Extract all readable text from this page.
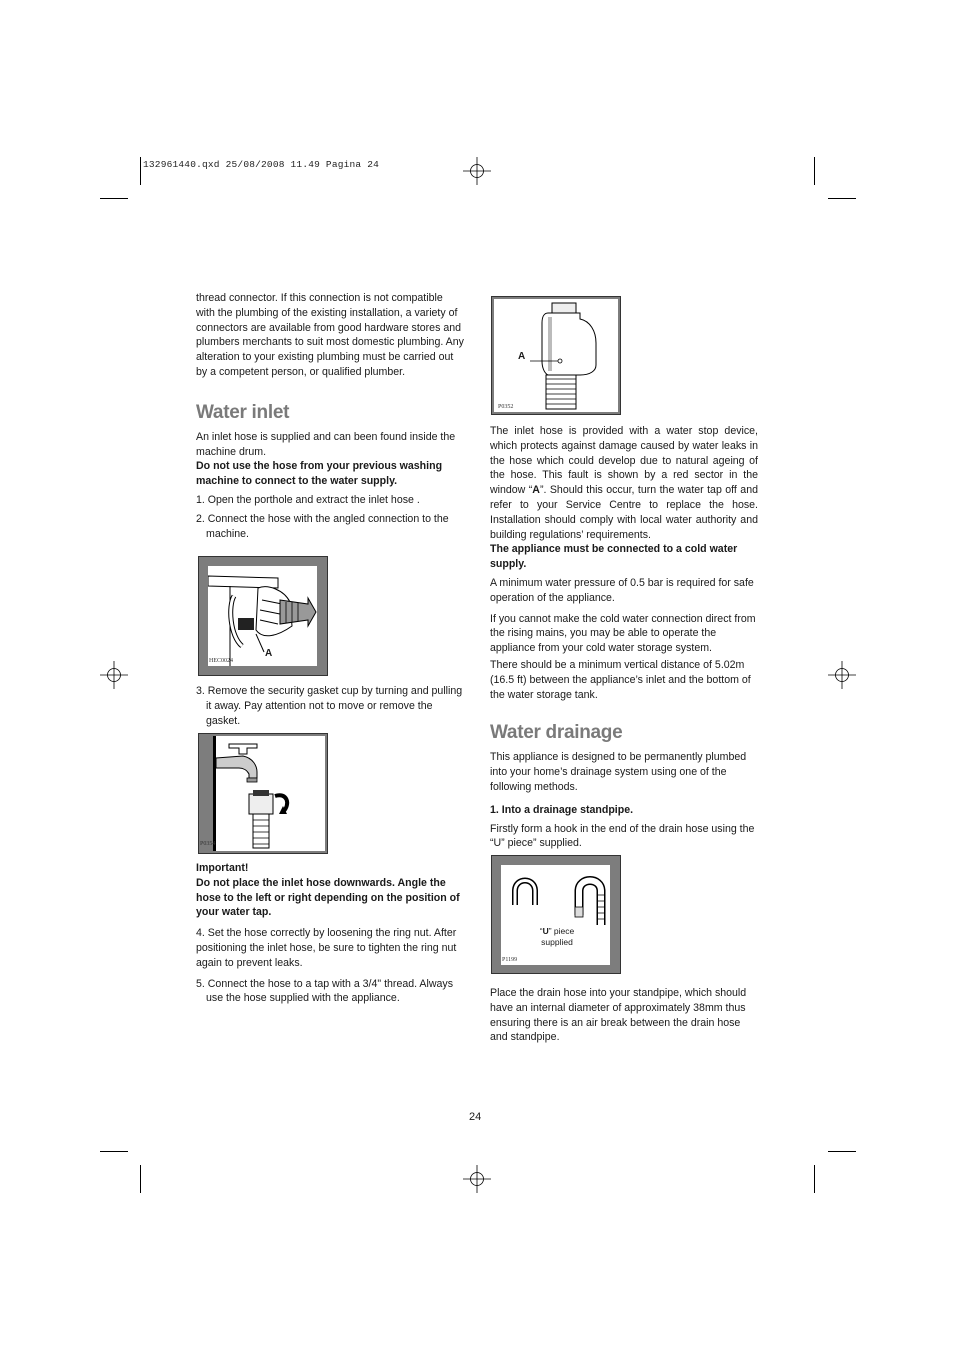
132961440.qxd 25/08/2008 11.49 Pagina 24

thread connector. If this connection is not compatible with the plumbing of the existing installation, a variety of connectors are available from good hardware stores and plumbers merchants to suit most domestic plumbing. Any alteration to your existing plumbing must be carried out by a competent person, or qualified plumber.

Water inlet

An inlet hose is supplied and can been found inside the machine drum.

Do not use the hose from your previous washing machine to connect to the water supply.

1. Open the porthole and extract the inlet hose .
2. Connect the hose with the angled connection to the machine.
A
HEC0024
3. Remove the security gasket cup by turning and pulling it away. Pay attention not to move or remove the gasket.
P0354

Important!

Do not place the inlet hose downwards. Angle the hose to the left or right depending on the position of your water tap.

4. Set the hose correctly by loosening the ring nut. After positioning the inlet hose, be sure to tighten the ring nut again to prevent leaks.

5. Connect the hose to a tap with a 3/4" thread. Always use the hose supplied with the appliance.
A
P0352

The inlet hose is provided with a water stop device, which protects against damage caused by water leaks in the hose which could develop due to natural ageing of the hose. This fault is shown by a red sector in the window “A”. Should this occur, turn the water tap off and refer to your Service Centre to replace the hose. Installation should comply with local water authority and building regulations’ requirements.

The appliance must be connected to a cold water supply.

A minimum water pressure of 0.5 bar is required for safe operation of the appliance.

If you cannot make the cold water connection direct from the rising mains, you may be able to operate the appliance from your cold water storage system.

There should be a minimum vertical distance of 5.02m (16.5 ft) between the appliance’s inlet and the bottom of the water storage tank.

Water drainage

This appliance is designed to be permanently plumbed into your home’s drainage system using one of the following methods.

1. Into a drainage standpipe.

Firstly form a hook in the end of the drain hose using the “U” piece” supplied.

“U” piece
supplied
P1199

Place the drain hose into your standpipe, which should have an internal diameter of approximately 38mm thus ensuring there is an air break between the drain hose and standpipe.

24
